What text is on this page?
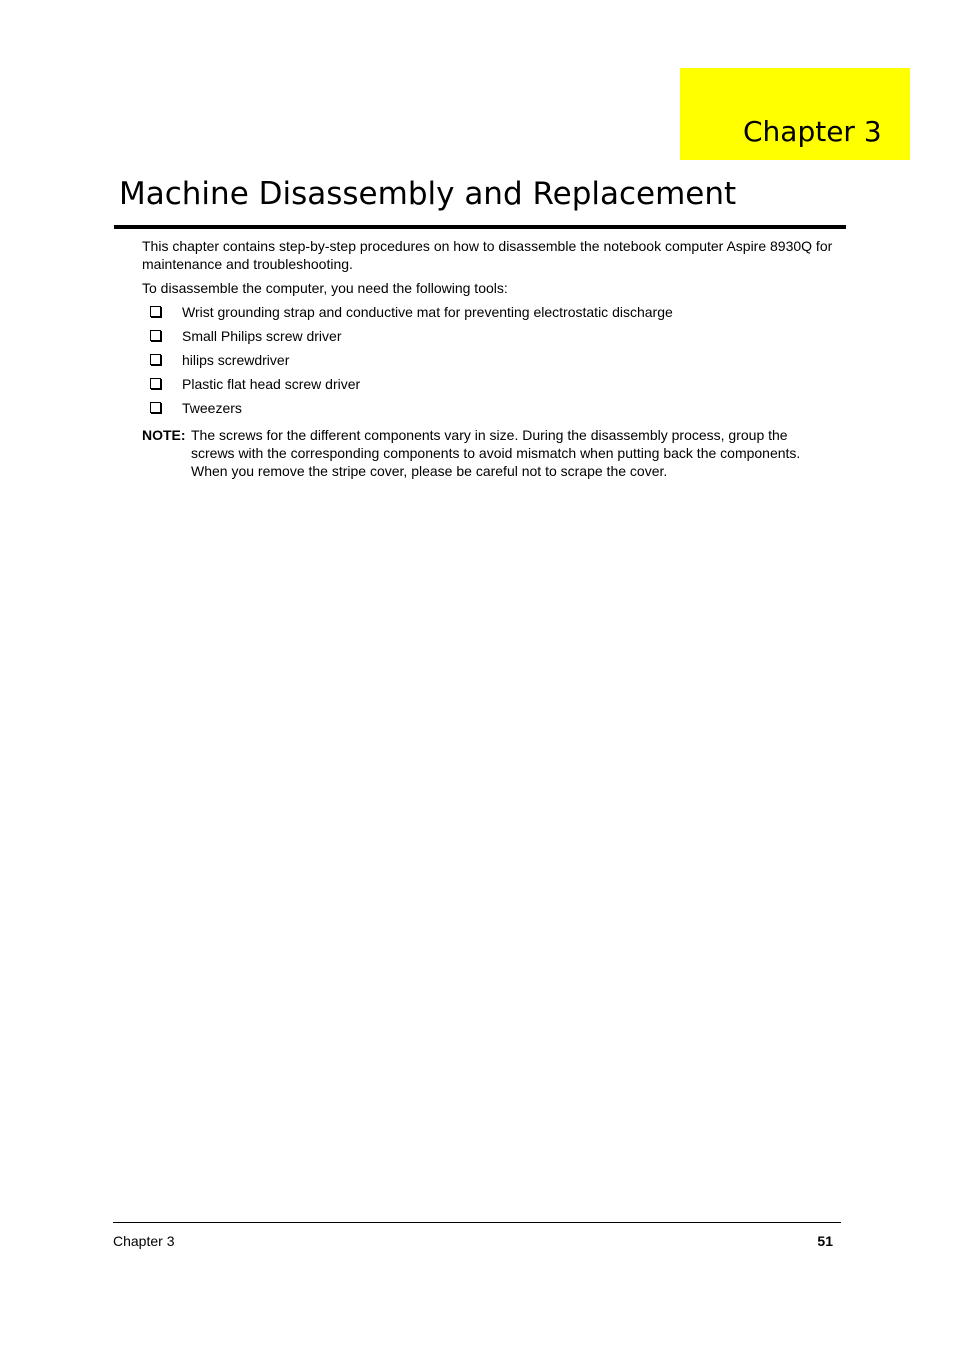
Chapter 3
Machine Disassembly and Replacement

This chapter contains step-by-step procedures on how to disassemble the notebook computer Aspire 8930Q for maintenance and troubleshooting.

To disassemble the computer, you need the following tools:

Wrist grounding strap and conductive mat for preventing electrostatic discharge
Small Philips screw driver
hilips screwdriver
Plastic flat head screw driver
Tweezers
NOTE: The screws for the different components vary in size. During the disassembly process, group the screws with the corresponding components to avoid mismatch when putting back the components. When you remove the stripe cover, please be careful not to scrape the cover.
Chapter 3	51
